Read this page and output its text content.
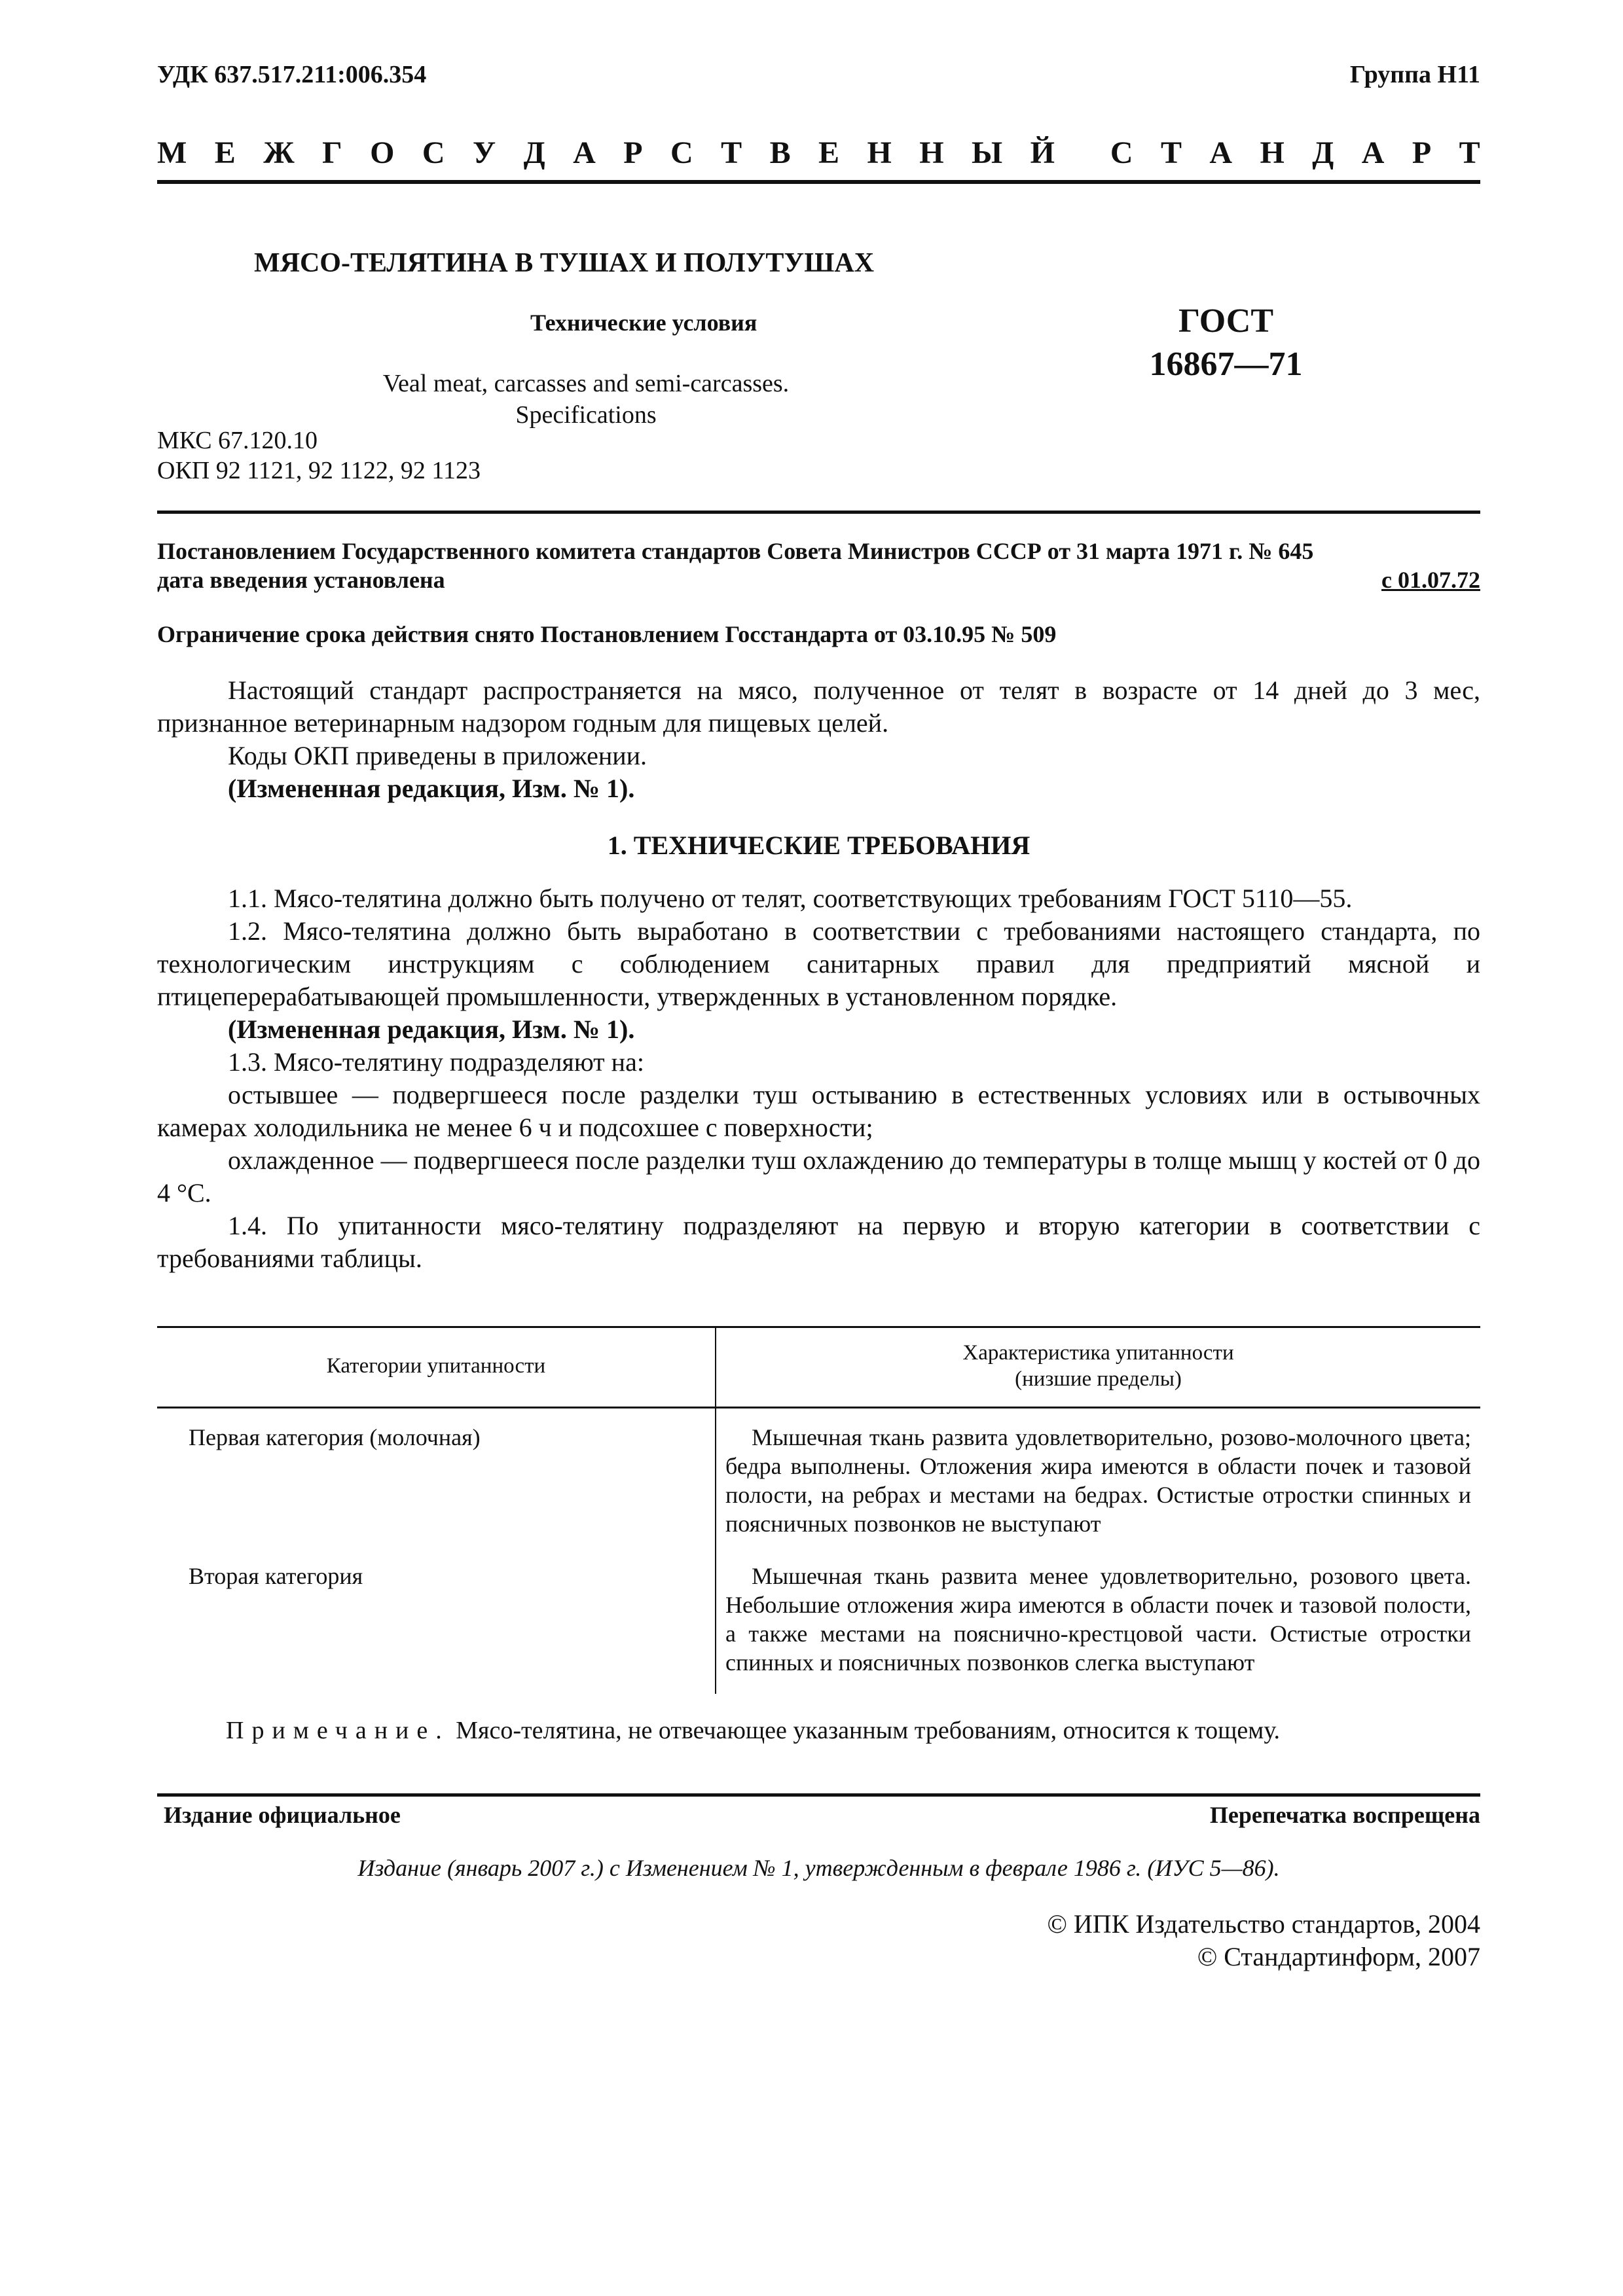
УДК 637.517.211:006.354	Группа Н11
М Е Ж Г О С У Д А Р С Т В Е Н Н Ы Й С Т А Н Д А Р Т
МЯСО-ТЕЛЯТИНА В ТУШАХ И ПОЛУТУШАХ
Технические условия
Veal meat, carcasses and semi-carcasses.
Specifications
ГОСТ
16867—71
МКС 67.120.10
ОКП 92 1121, 92 1122, 92 1123
Постановлением Государственного комитета стандартов Совета Министров СССР от 31 марта 1971 г. № 645
дата введения установлена	с 01.07.72
Ограничение срока действия снято Постановлением Госстандарта от 03.10.95 № 509

Настоящий стандарт распространяется на мясо, полученное от телят в возрасте от 14 дней до 3 мес, признанное ветеринарным надзором годным для пищевых целей.

Коды ОКП приведены в приложении.

(Измененная редакция, Изм. № 1).

1. ТЕХНИЧЕСКИЕ ТРЕБОВАНИЯ

1.1. Мясо-телятина должно быть получено от телят, соответствующих требованиям ГОСТ 5110—55.

1.2. Мясо-телятина должно быть выработано в соответствии с требованиями настоящего стандарта, по технологическим инструкциям с соблюдением санитарных правил для предприятий мясной и птицеперерабатывающей промышленности, утвержденных в установленном порядке.

(Измененная редакция, Изм. № 1).

1.3. Мясо-телятину подразделяют на:

остывшее — подвергшееся после разделки туш остыванию в естественных условиях или в остывочных камерах холодильника не менее 6 ч и подсохшее с поверхности;

охлажденное — подвергшееся после разделки туш охлаждению до температуры в толще мышц у костей от 0 до 4 °С.

1.4. По упитанности мясо-телятину подразделяют на первую и вторую категории в соответствии с требованиями таблицы.

Категории упитанности	Характеристика упитанности
(низшие пределы)

Первая категория (молочная)	Мышечная ткань развита удовлетворительно, розово-молочного цвета; бедра выполнены. Отложения жира имеются в области почек и тазовой полости, на ребрах и местами на бедрах. Остистые отростки спинных и поясничных позвонков не выступают

Вторая категория	Мышечная ткань развита менее удовлетворительно, розового цвета. Небольшие отложения жира имеются в области почек и тазовой полости, а также местами на пояснично-крестцовой части. Остистые отростки спинных и поясничных позвонков слегка выступают
Примечание. Мясо-телятина, не отвечающее указанным требованиям, относится к тощему.
Издание официальное	Перепечатка воспрещена
Издание (январь 2007 г.) с Изменением № 1, утвержденным в феврале 1986 г. (ИУС 5—86).
© ИПК Издательство стандартов, 2004
© Стандартинформ, 2007
